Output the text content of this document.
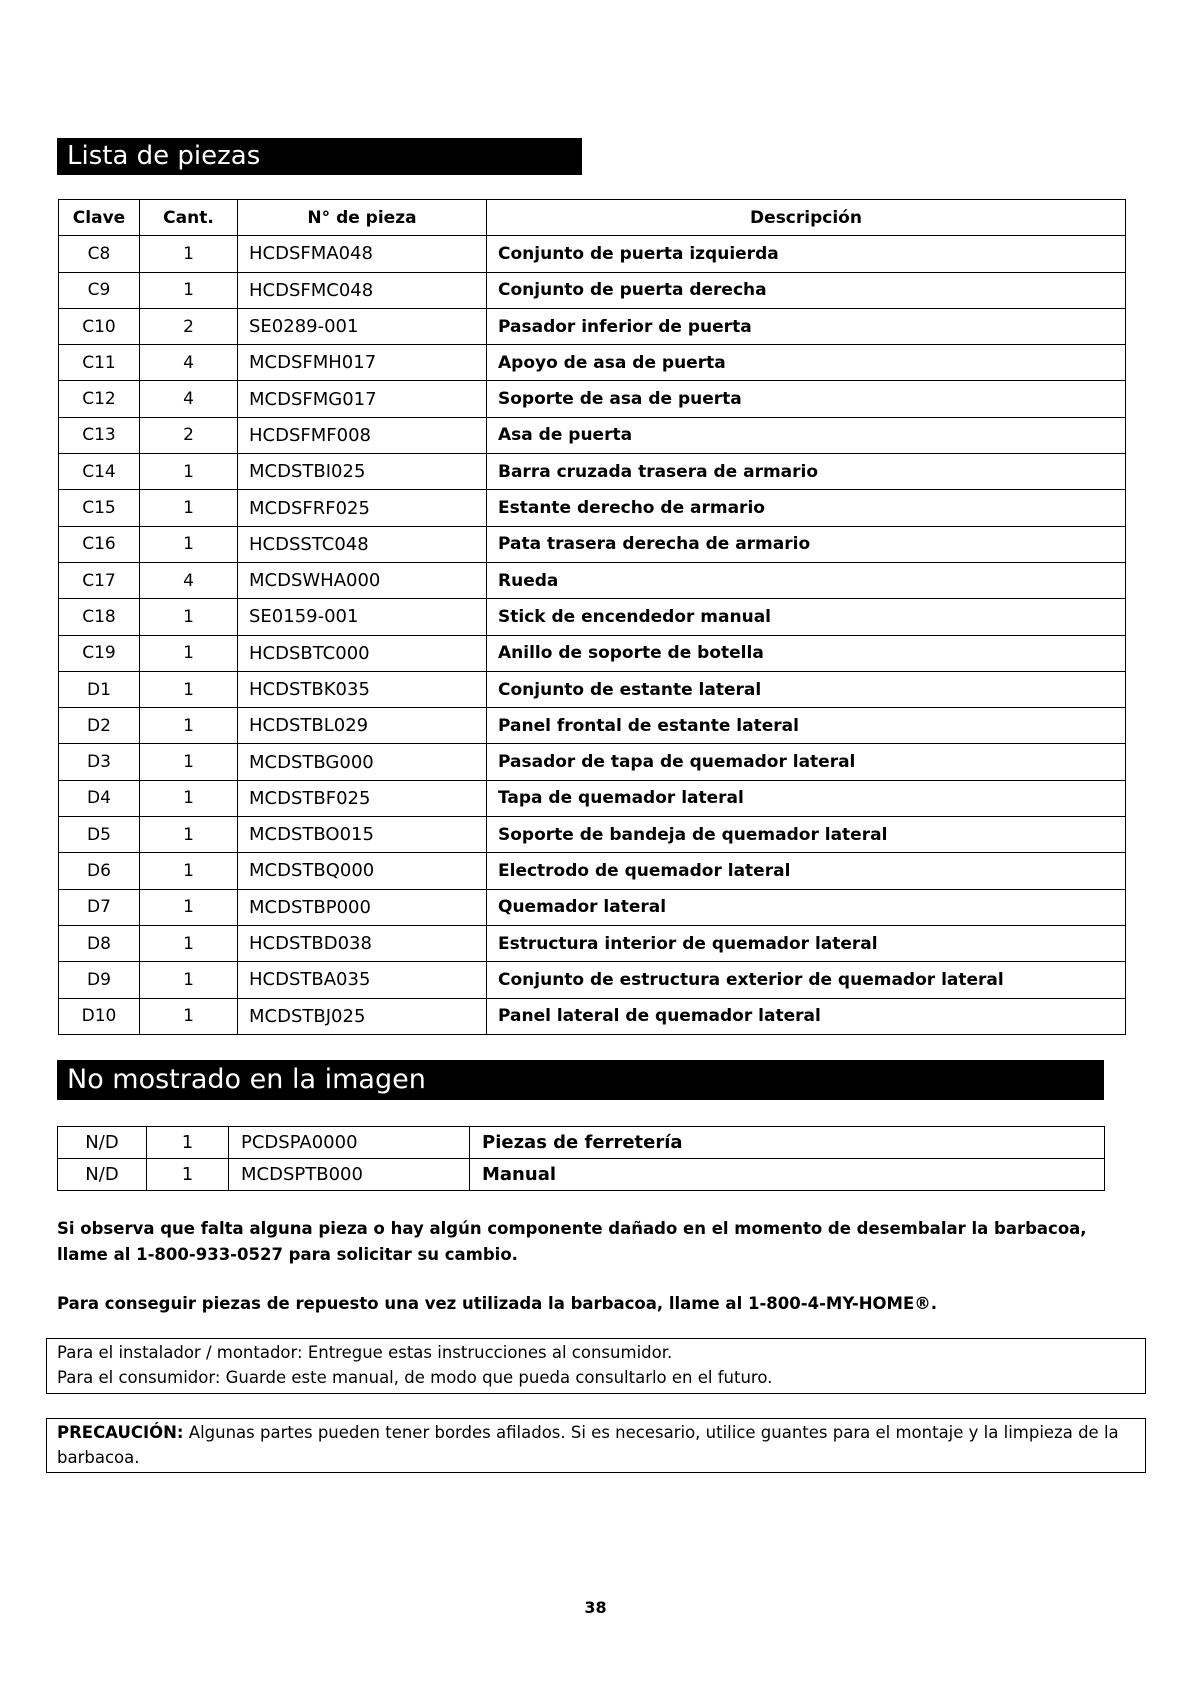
Lista de piezas
Clave	Cant.	N° de pieza	Descripción
C8	1	HCDSFMA048	Conjunto de puerta izquierda
C9	1	HCDSFMC048	Conjunto de puerta derecha
C10	2	SE0289-001	Pasador inferior de puerta
C11	4	MCDSFMH017	Apoyo de asa de puerta
C12	4	MCDSFMG017	Soporte de asa de puerta
C13	2	HCDSFMF008	Asa de puerta
C14	1	MCDSTBI025	Barra cruzada trasera de armario
C15	1	MCDSFRF025	Estante derecho de armario
C16	1	HCDSSTC048	Pata trasera derecha de armario
C17	4	MCDSWHA000	Rueda
C18	1	SE0159-001	Stick de encendedor manual
C19	1	HCDSBTC000	Anillo de soporte de botella
D1	1	HCDSTBK035	Conjunto de estante lateral
D2	1	HCDSTBL029	Panel frontal de estante lateral
D3	1	MCDSTBG000	Pasador de tapa de quemador lateral
D4	1	MCDSTBF025	Tapa de quemador lateral
D5	1	MCDSTBO015	Soporte de bandeja de quemador lateral
D6	1	MCDSTBQ000	Electrodo de quemador lateral
D7	1	MCDSTBP000	Quemador lateral
D8	1	HCDSTBD038	Estructura interior de quemador lateral
D9	1	HCDSTBA035	Conjunto de estructura exterior de quemador lateral
D10	1	MCDSTBJ025	Panel lateral de quemador lateral
No mostrado en la imagen
N/D	1	PCDSPA0000	Piezas de ferretería
N/D	1	MCDSPTB000	Manual

Si observa que falta alguna pieza o hay algún componente dañado en el momento de desembalar la barbacoa, llame al 1-800-933-0527 para solicitar su cambio.

Para conseguir piezas de repuesto una vez utilizada la barbacoa, llame al 1-800-4-MY-HOME®.

Para el instalador / montador: Entregue estas instrucciones al consumidor.

Para el consumidor: Guarde este manual, de modo que pueda consultarlo en el futuro.

PRECAUCIÓN: Algunas partes pueden tener bordes afilados. Si es necesario, utilice guantes para el montaje y la limpieza de la barbacoa.

38
